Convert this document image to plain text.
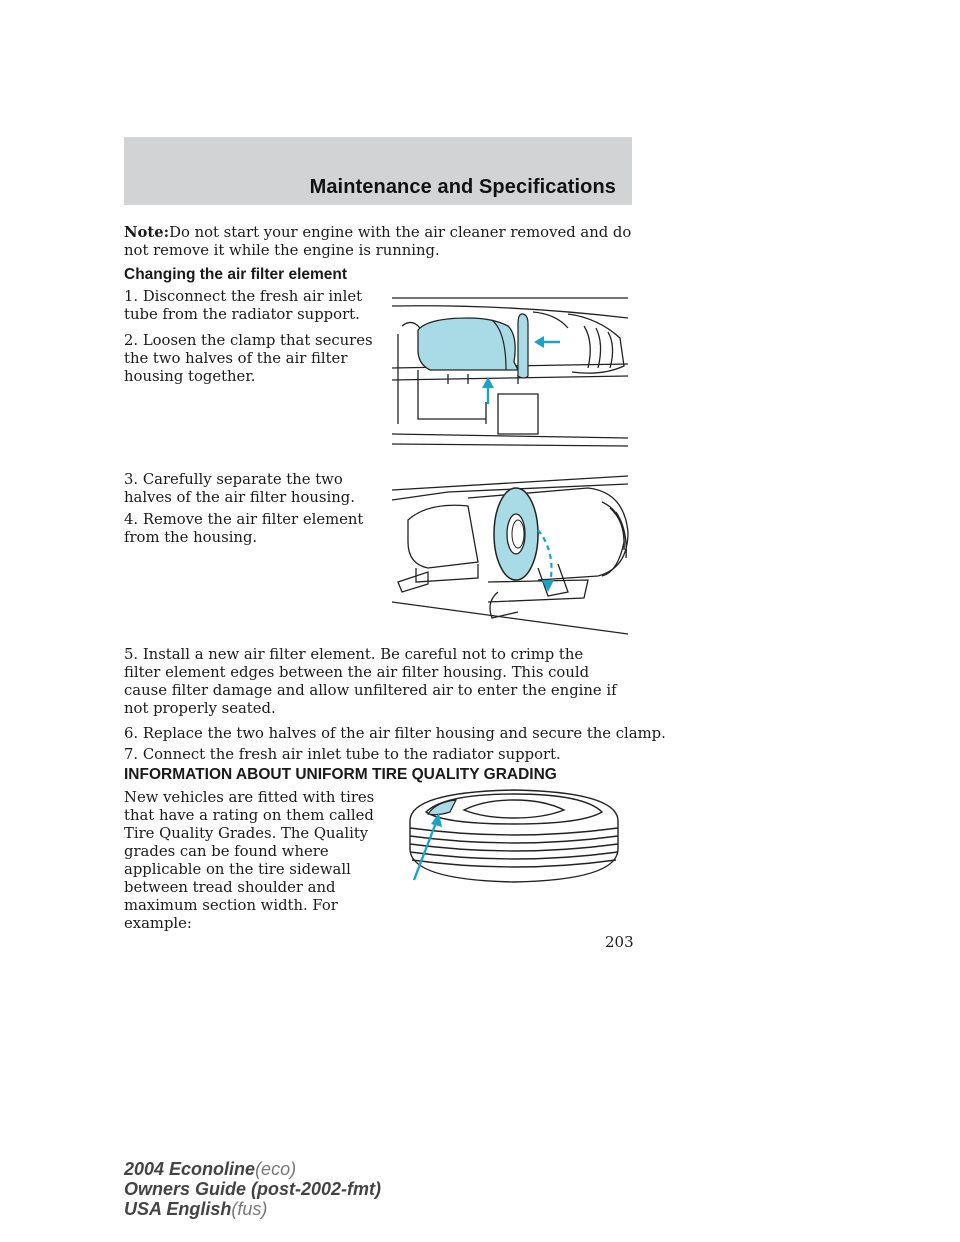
Maintenance and Specifications

Note:Do not start your engine with the air cleaner removed and do not remove it while the engine is running.

Changing the air filter element

1. Disconnect the fresh air inlet tube from the radiator support.

2. Loosen the clamp that secures the two halves of the air filter housing together.

3. Carefully separate the two halves of the air filter housing.

4. Remove the air filter element from the housing.

5. Install a new air filter element. Be careful not to crimp the filter element edges between the air filter housing. This could cause filter damage and allow unfiltered air to enter the engine if not properly seated.

6. Replace the two halves of the air filter housing and secure the clamp.

7. Connect the fresh air inlet tube to the radiator support.

INFORMATION ABOUT UNIFORM TIRE QUALITY GRADING

New vehicles are fitted with tires that have a rating on them called Tire Quality Grades. The Quality grades can be found where applicable on the tire sidewall between tread shoulder and maximum section width. For example:

203
2004 Econoline(eco)
Owners Guide (post-2002-fmt)
USA English(fus)
